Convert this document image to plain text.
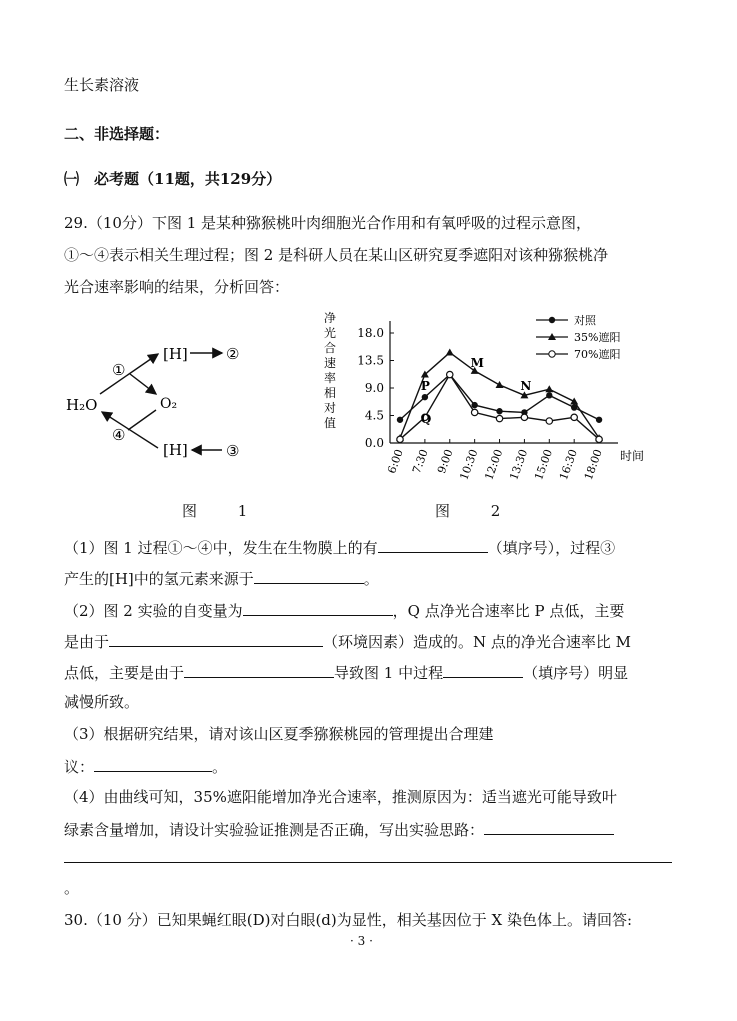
生长素溶液
二、非选择题：
㈠　必考题（11题，共129分）
29.（10分）下图 1 是某种猕猴桃叶肉细胞光合作用和有氧呼吸的过程示意图，
①～④表示相关生理过程；图 2 是科研人员在某山区研究夏季遮阳对该种猕猴桃净
光合速率影响的结果，分析回答：
H₂O
[H]
[H]
O₂
①
②
③
④
图 1
净
光
合
速
率
相
对
值
0.0
4.5
9.0
13.5
18.0
6:00 7:30 9:00 10:30 12:00 13:30 15:00 16:30 18:00 时间
P
Q
M
N
对照
35%遮阳
70%遮阳
图 2
（1）图 1 过程①～④中，发生在生物膜上的有	（填序号），过程③
产生的[H]中的氢元素来源于	。
（2）图 2 实验的自变量为	，Q 点净光合速率比 P 点低，主要
是由于	（环境因素）造成的。N 点的净光合速率比 M
点低，主要是由于	导致图 1 中过程	（填序号）明显
减慢所致。
（3）根据研究结果，请对该山区夏季猕猴桃园的管理提出合理建
议：	。
（4）由曲线可知，35%遮阳能增加净光合速率，推测原因为：适当遮光可能导致叶
绿素含量增加，请设计实验验证推测是否正确，写出实验思路：
。
30.（10 分）已知果蝇红眼(D)对白眼(d)为显性，相关基因位于 X 染色体上。请回答:
· 3 ·
